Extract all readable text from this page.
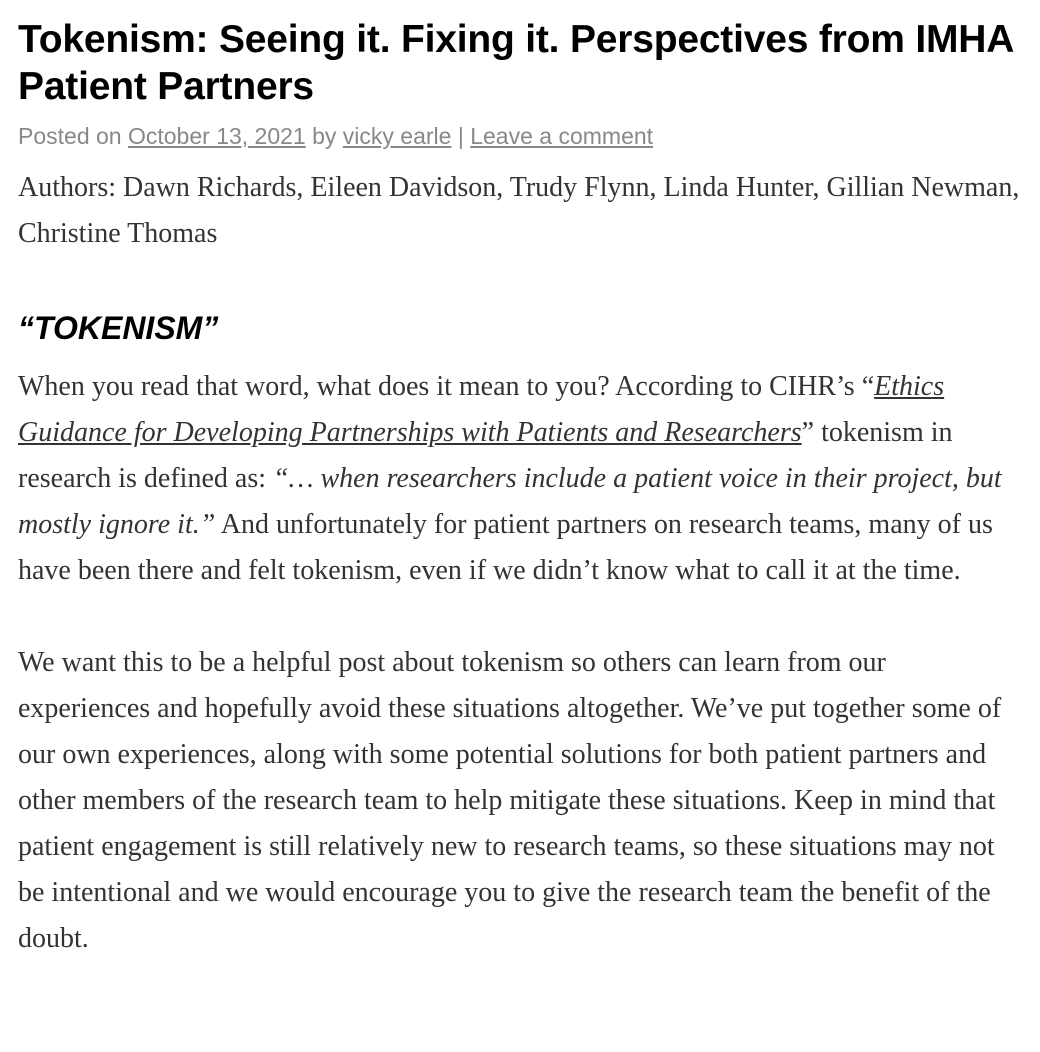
Tokenism: Seeing it. Fixing it. Perspectives from IMHA Patient Partners
Posted on October 13, 2021 by vicky earle | Leave a comment
Authors: Dawn Richards, Eileen Davidson, Trudy Flynn, Linda Hunter, Gillian Newman, Christine Thomas
“TOKENISM”

When you read that word, what does it mean to you? According to CIHR’s “Ethics Guidance for Developing Partnerships with Patients and Researchers” tokenism in research is defined as: “… when researchers include a patient voice in their project, but mostly ignore it.” And unfortunately for patient partners on research teams, many of us have been there and felt tokenism, even if we didn’t know what to call it at the time.

We want this to be a helpful post about tokenism so others can learn from our experiences and hopefully avoid these situations altogether. We’ve put together some of our own experiences, along with some potential solutions for both patient partners and other members of the research team to help mitigate these situations. Keep in mind that patient engagement is still relatively new to research teams, so these situations may not be intentional and we would encourage you to give the research team the benefit of the doubt.
